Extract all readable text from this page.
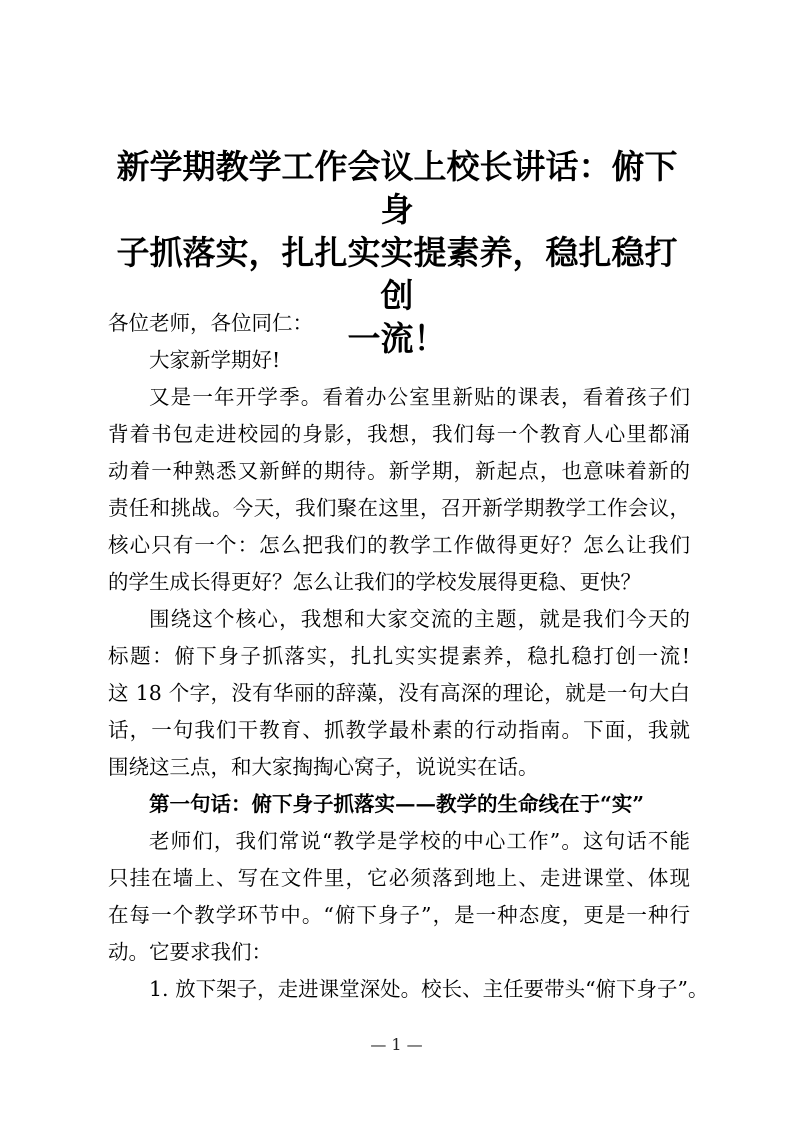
新学期教学工作会议上校长讲话：俯下身
子抓落实，扎扎实实提素养，稳扎稳打创
一流！
各位老师，各位同仁：
大家新学期好!
又是一年开学季。看着办公室里新贴的课表，看着孩子们
背着书包走进校园的身影，我想，我们每一个教育人心里都涌
动着一种熟悉又新鲜的期待。新学期，新起点，也意味着新的
责任和挑战。今天，我们聚在这里，召开新学期教学工作会议，
核心只有一个：怎么把我们的教学工作做得更好？怎么让我们
的学生成长得更好？怎么让我们的学校发展得更稳、更快？
围绕这个核心，我想和大家交流的主题，就是我们今天的
标题：俯下身子抓落实，扎扎实实提素养，稳扎稳打创一流!
这 18 个字，没有华丽的辞藻，没有高深的理论，就是一句大白
话，一句我们干教育、抓教学最朴素的行动指南。下面，我就
围绕这三点，和大家掏掏心窝子，说说实在话。
第一句话：俯下身子抓落实——教学的生命线在于“实”
老师们，我们常说“教学是学校的中心工作”。这句话不能
只挂在墙上、写在文件里，它必须落到地上、走进课堂、体现
在每一个教学环节中。“俯下身子”，是一种态度，更是一种行
动。它要求我们：
1. 放下架子，走进课堂深处。校长、主任要带头“俯下身子”。
— 1 —
